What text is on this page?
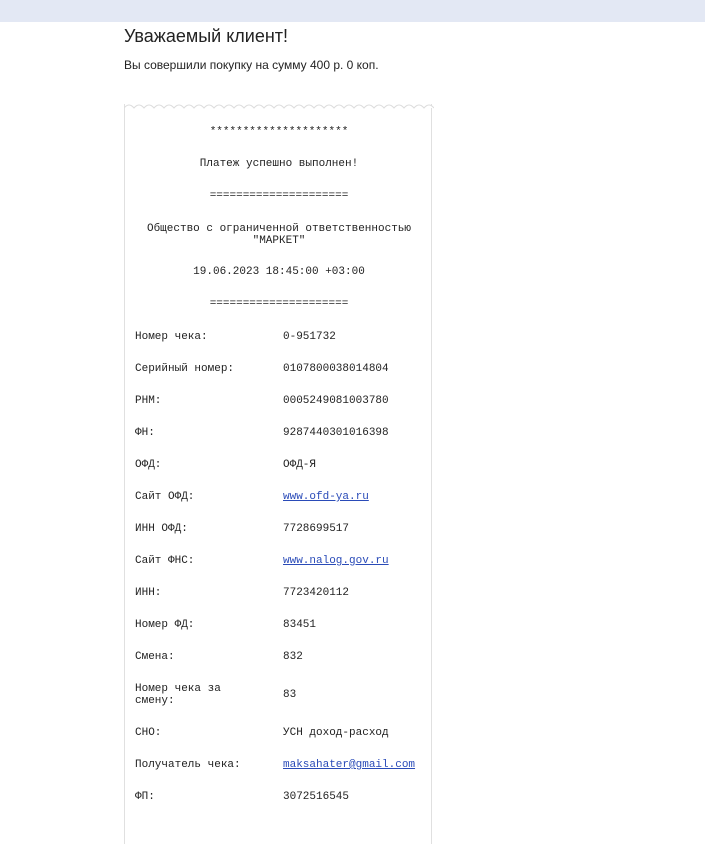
Уважаемый клиент!

Вы совершили покупку на сумму 400 р. 0 коп.

*********************
Платеж успешно выполнен!
=====================
Общество с ограниченной ответственностью
"МАРКЕТ"
19.06.2023 18:45:00 +03:00
=====================
Номер чека:	0-951732
Серийный номер:	0107800038014804
РНМ:	0005249081003780
ФН:	9287440301016398
ОФД:	ОФД-Я
Сайт ОФД:	www.ofd-ya.ru
ИНН ОФД:	7728699517
Сайт ФНС:	www.nalog.gov.ru
ИНН:	7723420112
Номер ФД:	83451
Смена:	832
Номер чека за
смену:	83
СНО:	УСН доход-расход
Получатель чека:	maksahater@gmail.com
ФП:	3072516545
